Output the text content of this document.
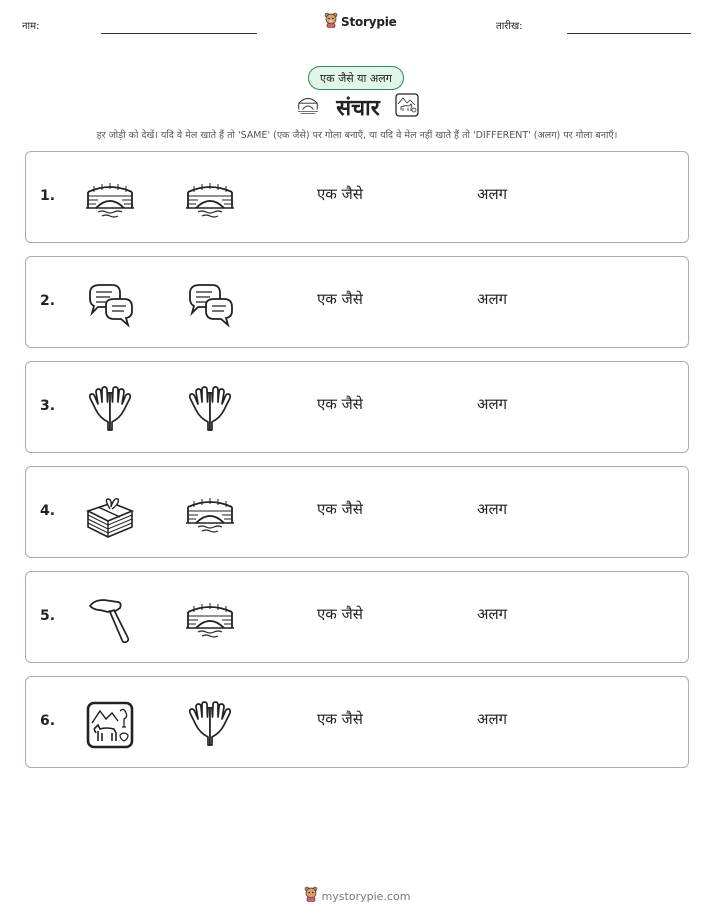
नाम:	Storypie	तारीख:
एक जैसे या अलग
संचार
हर जोड़ी को देखें। यदि वे मेल खाते हैं तो 'SAME' (एक जैसे) पर गोला बनाएँ, या यदि वे मेल नहीं खाते हैं तो 'DIFFERENT' (अलग) पर गोला बनाएँ।
1.	एक जैसे	अलग
2.	एक जैसे	अलग
3.	एक जैसे	अलग
4.	एक जैसे	अलग
5.	एक जैसे	अलग
6.	एक जैसे	अलग
mystorypie.com
